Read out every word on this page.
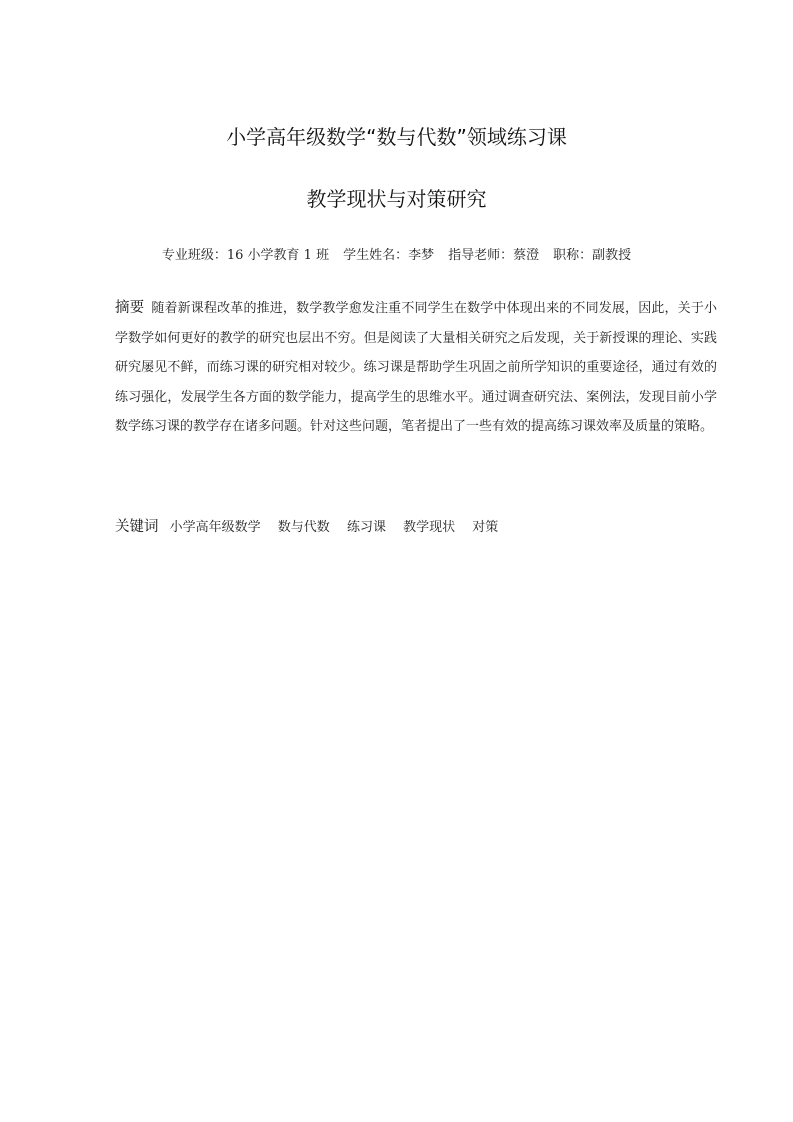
小学高年级数学“数与代数”领域练习课
教学现状与对策研究
专业班级：16 小学教育 1 班 学生姓名：李梦 指导老师：蔡澄 职称：副教授

摘要 随着新课程改革的推进，数学教学愈发注重不同学生在数学中体现出来的不同发展，因此，关于小学数学如何更好的教学的研究也层出不穷。但是阅读了大量相关研究之后发现，关于新授课的理论、实践研究屡见不鲜，而练习课的研究相对较少。练习课是帮助学生巩固之前所学知识的重要途径，通过有效的练习强化，发展学生各方面的数学能力，提高学生的思维水平。通过调查研究法、案例法，发现目前小学数学练习课的教学存在诸多问题。针对这些问题，笔者提出了一些有效的提高练习课效率及质量的策略。

关键词 小学高年级数学 数与代数 练习课 教学现状 对策
